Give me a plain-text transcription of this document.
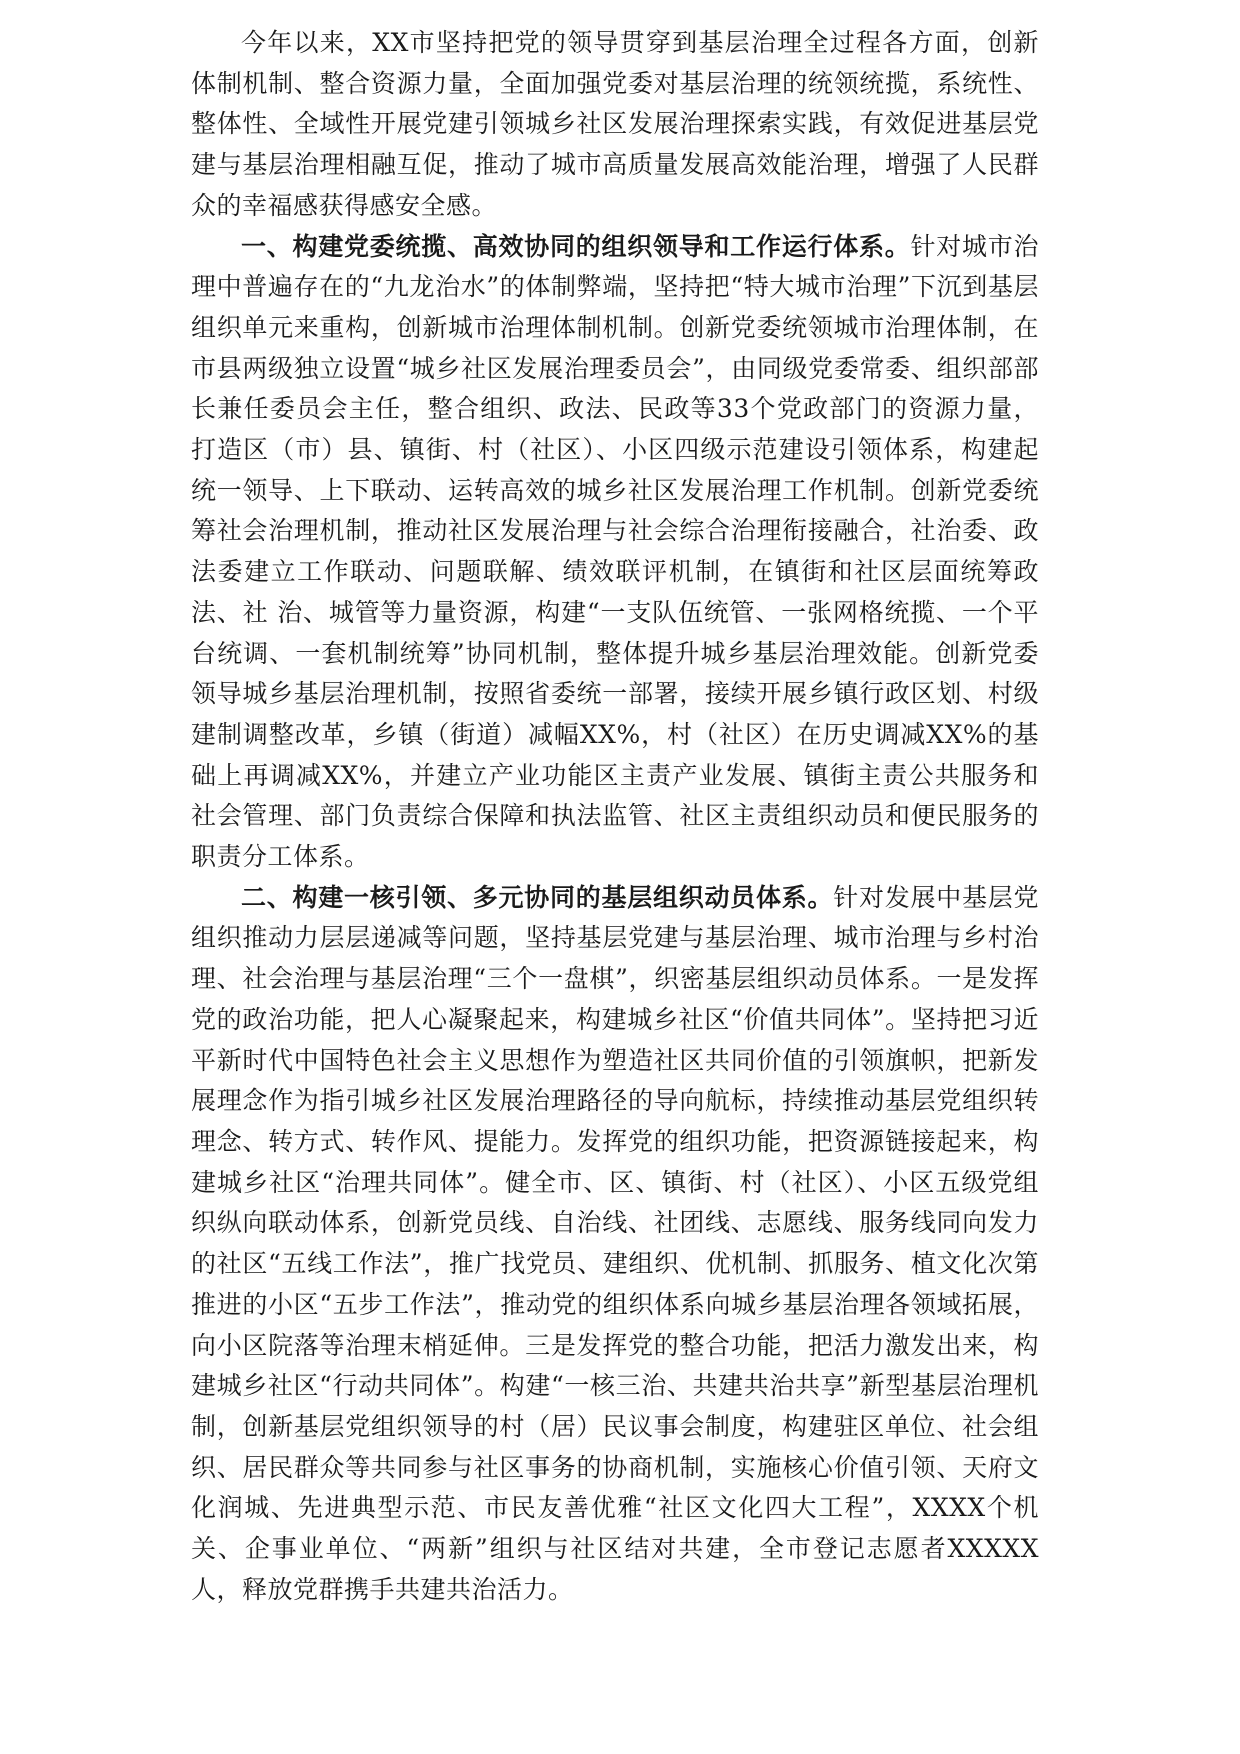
今年以来，XX市坚持把党的领导贯穿到基层治理全过程各方面，创新体制机制、整合资源力量，全面加强党委对基层治理的统领统揽，系统性、整体性、全域性开展党建引领城乡社区发展治理探索实践，有效促进基层党建与基层治理相融互促，推动了城市高质量发展高效能治理，增强了人民群众的幸福感获得感安全感。

一、构建党委统揽、高效协同的组织领导和工作运行体系。针对城市治理中普遍存在的“九龙治水”的体制弊端，坚持把“特大城市治理”下沉到基层组织单元来重构，创新城市治理体制机制。创新党委统领城市治理体制，在市县两级独立设置“城乡社区发展治理委员会”，由同级党委常委、组织部部长兼任委员会主任，整合组织、政法、民政等33个党政部门的资源力量，打造区（市）县、镇街、村（社区）、小区四级示范建设引领体系，构建起统一领导、上下联动、运转高效的城乡社区发展治理工作机制。创新党委统筹社会治理机制，推动社区发展治理与社会综合治理衔接融合，社治委、政法委建立工作联动、问题联解、绩效联评机制，在镇街和社区层面统筹政法、社 治、城管等力量资源，构建“一支队伍统管、一张网格统揽、一个平台统调、一套机制统筹”协同机制，整体提升城乡基层治理效能。创新党委领导城乡基层治理机制，按照省委统一部署，接续开展乡镇行政区划、村级建制调整改革，乡镇（街道）减幅XX%，村（社区）在历史调减XX%的基础上再调减XX%，并建立产业功能区主责产业发展、镇街主责公共服务和社会管理、部门负责综合保障和执法监管、社区主责组织动员和便民服务的职责分工体系。

二、构建一核引领、多元协同的基层组织动员体系。针对发展中基层党组织推动力层层递减等问题，坚持基层党建与基层治理、城市治理与乡村治理、社会治理与基层治理“三个一盘棋”，织密基层组织动员体系。一是发挥党的政治功能，把人心凝聚起来，构建城乡社区“价值共同体”。坚持把习近平新时代中国特色社会主义思想作为塑造社区共同价值的引领旗帜，把新发展理念作为指引城乡社区发展治理路径的导向航标，持续推动基层党组织转理念、转方式、转作风、提能力。发挥党的组织功能，把资源链接起来，构建城乡社区“治理共同体”。健全市、区、镇街、村（社区）、小区五级党组织纵向联动体系，创新党员线、自治线、社团线、志愿线、服务线同向发力的社区“五线工作法”，推广找党员、建组织、优机制、抓服务、植文化次第推进的小区“五步工作法”，推动党的组织体系向城乡基层治理各领域拓展，向小区院落等治理末梢延伸。三是发挥党的整合功能，把活力激发出来，构建城乡社区“行动共同体”。构建“一核三治、共建共治共享”新型基层治理机制，创新基层党组织领导的村（居）民议事会制度，构建驻区单位、社会组织、居民群众等共同参与社区事务的协商机制，实施核心价值引领、天府文化润城、先进典型示范、市民友善优雅“社区文化四大工程”，XXXX个机关、企事业单位、“两新”组织与社区结对共建，全市登记志愿者XXXXX人，释放党群携手共建共治活力。
